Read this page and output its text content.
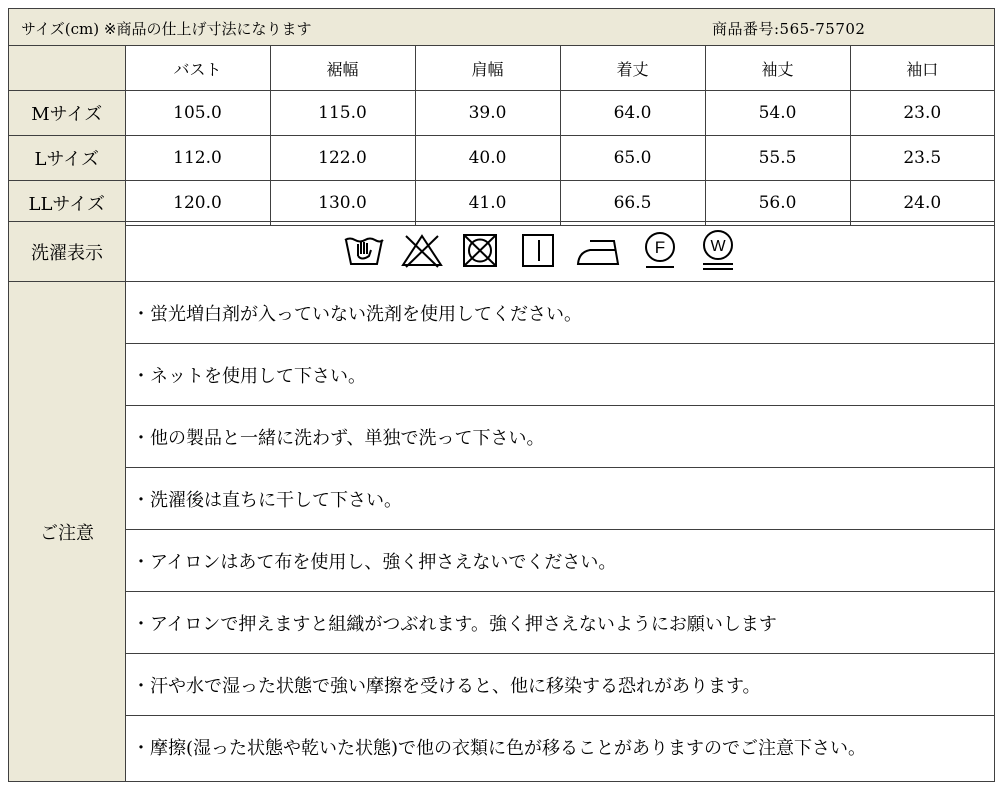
サイズ(cm) ※商品の仕上げ寸法になります	商品番号:565-75702
	バスト	裾幅	肩幅	着丈	袖丈	袖口
Mサイズ	105.0	115.0	39.0	64.0	54.0	23.0
Lサイズ	112.0	122.0	40.0	65.0	55.5	23.5
LLサイズ	120.0	130.0	41.0	66.5	56.0	24.0
洗濯表示	F	W
ご注意
・蛍光増白剤が入っていない洗剤を使用してください。
・ネットを使用して下さい。
・他の製品と一緒に洗わず、単独で洗って下さい。
・洗濯後は直ちに干して下さい。
・アイロンはあて布を使用し、強く押さえないでください。
・アイロンで押えますと組織がつぶれます。強く押さえないようにお願いします
・汗や水で湿った状態で強い摩擦を受けると、他に移染する恐れがあります。
・摩擦(湿った状態や乾いた状態)で他の衣類に色が移ることがありますのでご注意下さい。
